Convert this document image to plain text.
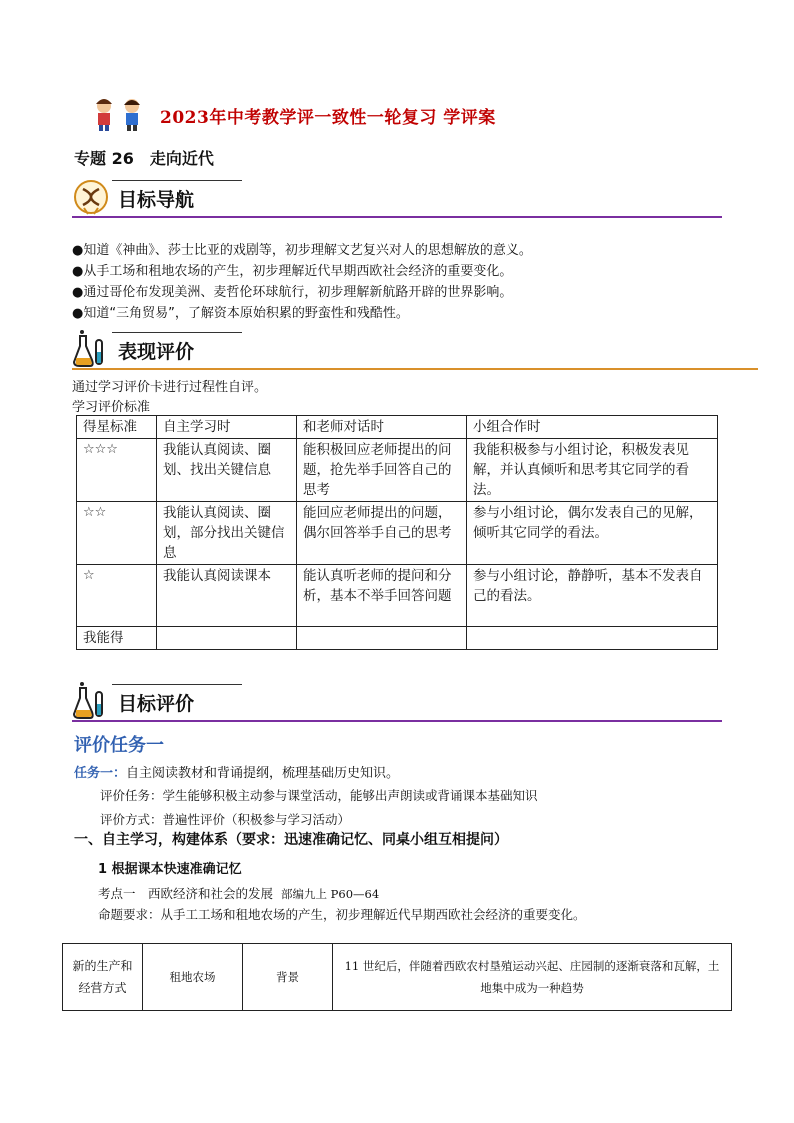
2023年中考教学评一致性一轮复习 学评案
专题 26 走向近代
目标导航
●知道《神曲》、莎士比亚的戏剧等，初步理解文艺复兴对人的思想解放的意义。
●从手工场和租地农场的产生，初步理解近代早期西欧社会经济的重要变化。
●通过哥伦布发现美洲、麦哲伦环球航行，初步理解新航路开辟的世界影响。
●知道“三角贸易”，了解资本原始积累的野蛮性和残酷性。
表现评价
通过学习评价卡进行过程性自评。
学习评价标准
得星标准	自主学习时	和老师对话时	小组合作时
☆☆☆	我能认真阅读、圈划、找出关键信息	能积极回应老师提出的问题，抢先举手回答自己的思考	我能积极参与小组讨论，积极发表见解，并认真倾听和思考其它同学的看法。
☆☆	我能认真阅读、圈划，部分找出关键信息	能回应老师提出的问题，偶尔回答举手自己的思考	参与小组讨论，偶尔发表自己的见解，倾听其它同学的看法。
☆	我能认真阅读课本	能认真听老师的提问和分析，基本不举手回答问题	参与小组讨论，静静听，基本不发表自己的看法。
我能得			
目标评价
评价任务一
任务一：自主阅读教材和背诵提纲，梳理基础历史知识。
评价任务：学生能够积极主动参与课堂活动，能够出声朗读或背诵课本基础知识
评价方式：普遍性评价（积极参与学习活动）
一、自主学习，构建体系（要求：迅速准确记忆、同桌小组互相提问）
1 根据课本快速准确记忆
考点一　西欧经济和社会的发展 部编九上 P60—64
命题要求：从手工工场和租地农场的产生，初步理解近代早期西欧社会经济的重要变化。
新的生产和经营方式	租地农场	背景	11 世纪后，伴随着西欧农村垦殖运动兴起、庄园制的逐渐衰落和瓦解，土地集中成为一种趋势
